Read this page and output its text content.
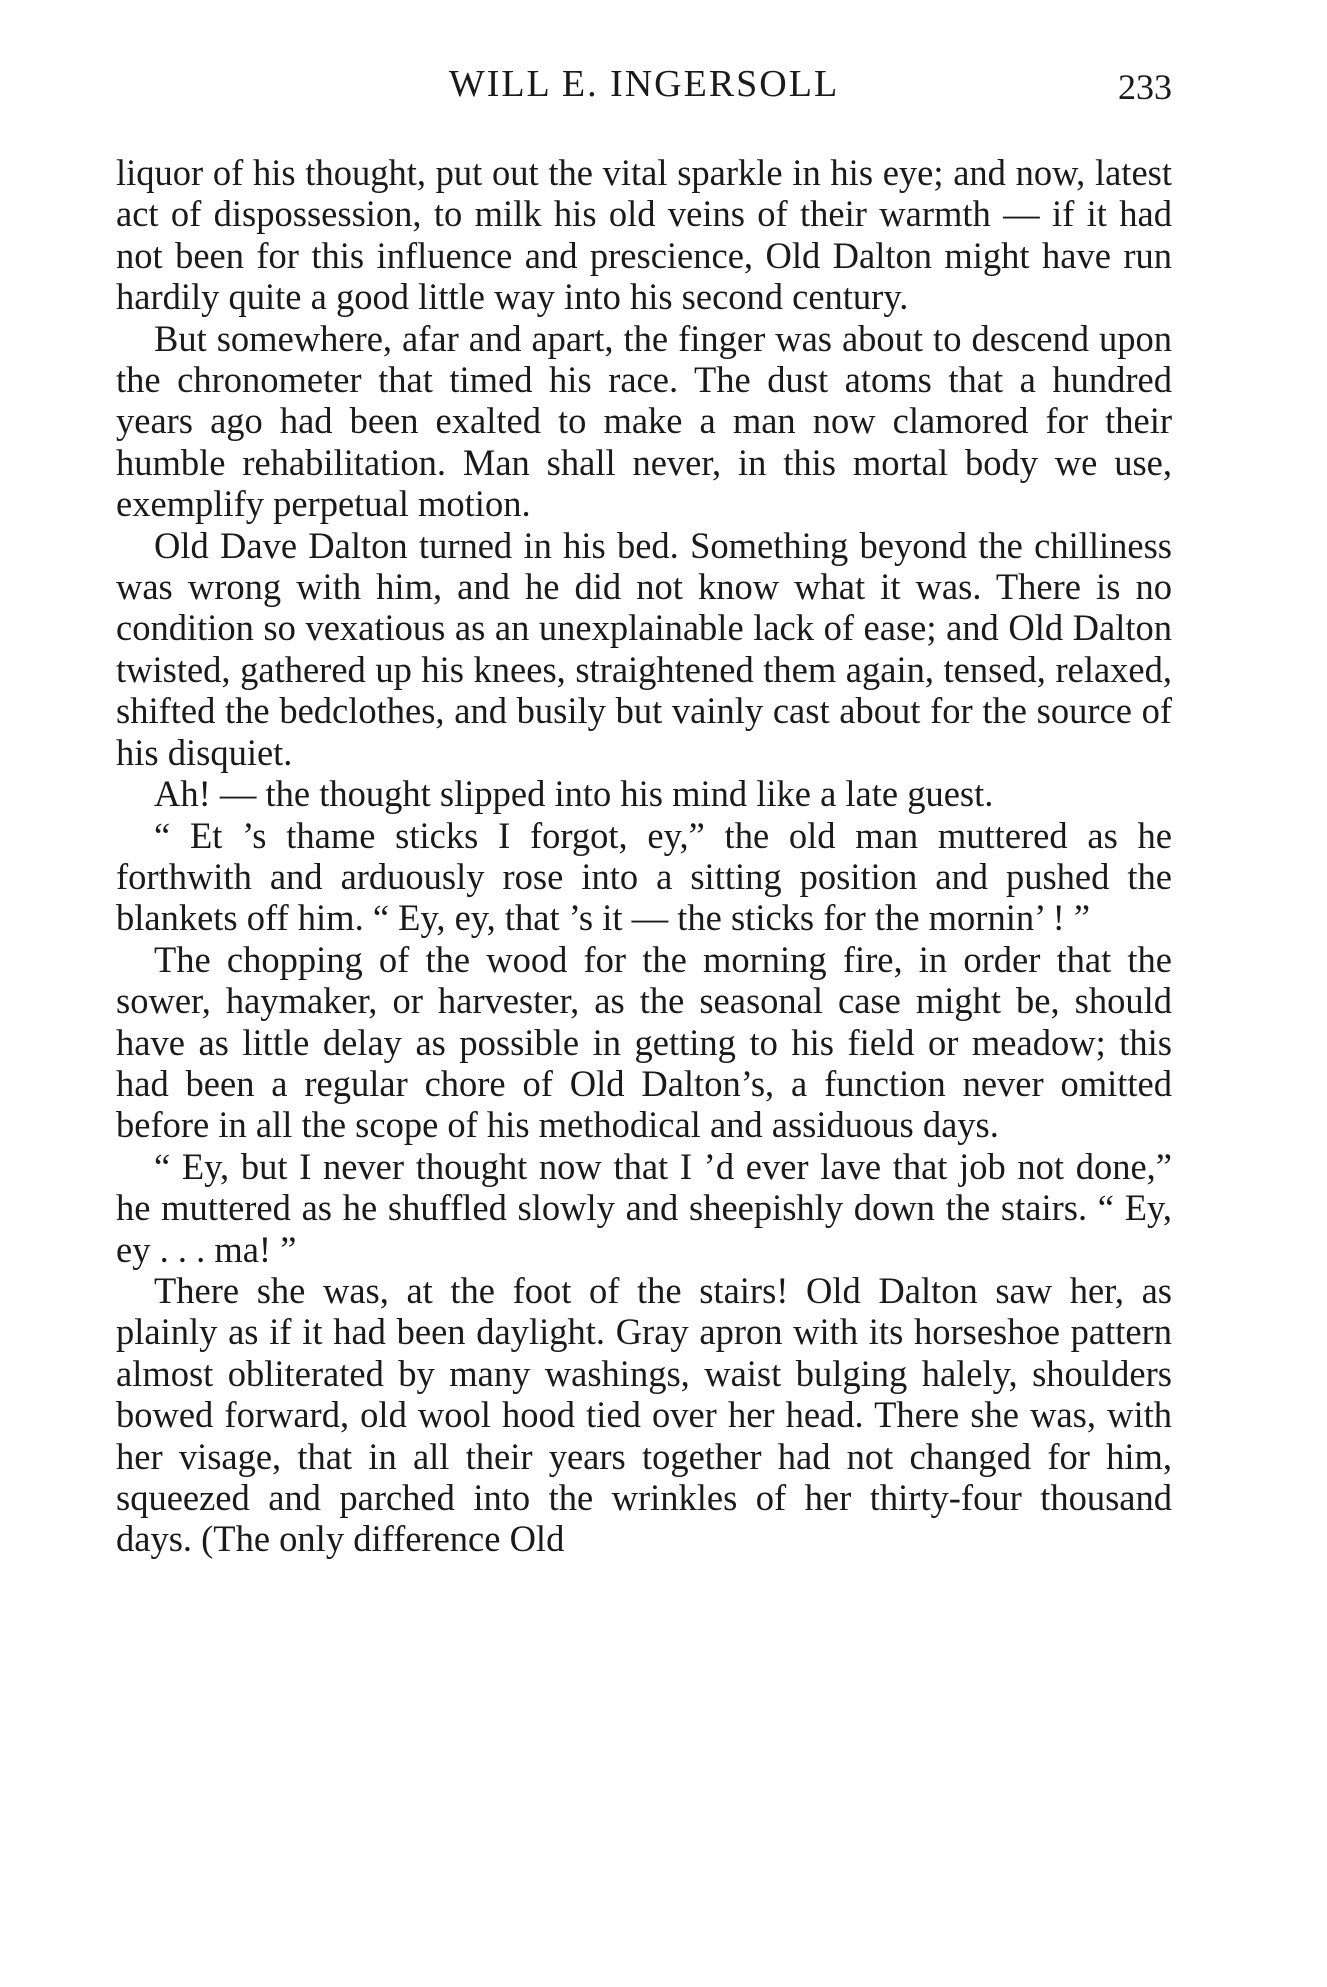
WILL E. INGERSOLL	233

liquor of his thought, put out the vital sparkle in his eye; and now, latest act of dispossession, to milk his old veins of their warmth — if it had not been for this influence and prescience, Old Dalton might have run hardily quite a good little way into his second century.

But somewhere, afar and apart, the finger was about to descend upon the chronometer that timed his race. The dust atoms that a hundred years ago had been exalted to make a man now clamored for their humble rehabilitation. Man shall never, in this mortal body we use, exemplify perpetual motion.

Old Dave Dalton turned in his bed. Something beyond the chilliness was wrong with him, and he did not know what it was. There is no condition so vexatious as an unexplainable lack of ease; and Old Dalton twisted, gathered up his knees, straightened them again, tensed, relaxed, shifted the bedclothes, and busily but vainly cast about for the source of his disquiet.

Ah! — the thought slipped into his mind like a late guest.

“ Et ’s thame sticks I forgot, ey,” the old man muttered as he forthwith and arduously rose into a sitting position and pushed the blankets off him. “ Ey, ey, that ’s it — the sticks for the mornin’ ! ”

The chopping of the wood for the morning fire, in order that the sower, haymaker, or harvester, as the seasonal case might be, should have as little delay as possible in getting to his field or meadow; this had been a regular chore of Old Dalton’s, a function never omitted before in all the scope of his methodical and assiduous days.

“ Ey, but I never thought now that I ’d ever lave that job not done,” he muttered as he shuffled slowly and sheepishly down the stairs. “ Ey, ey . . . ma! ”

There she was, at the foot of the stairs! Old Dalton saw her, as plainly as if it had been daylight. Gray apron with its horseshoe pattern almost obliterated by many washings, waist bulging halely, shoulders bowed forward, old wool hood tied over her head. There she was, with her visage, that in all their years together had not changed for him, squeezed and parched into the wrinkles of her thirty-four thousand days. (The only difference Old
